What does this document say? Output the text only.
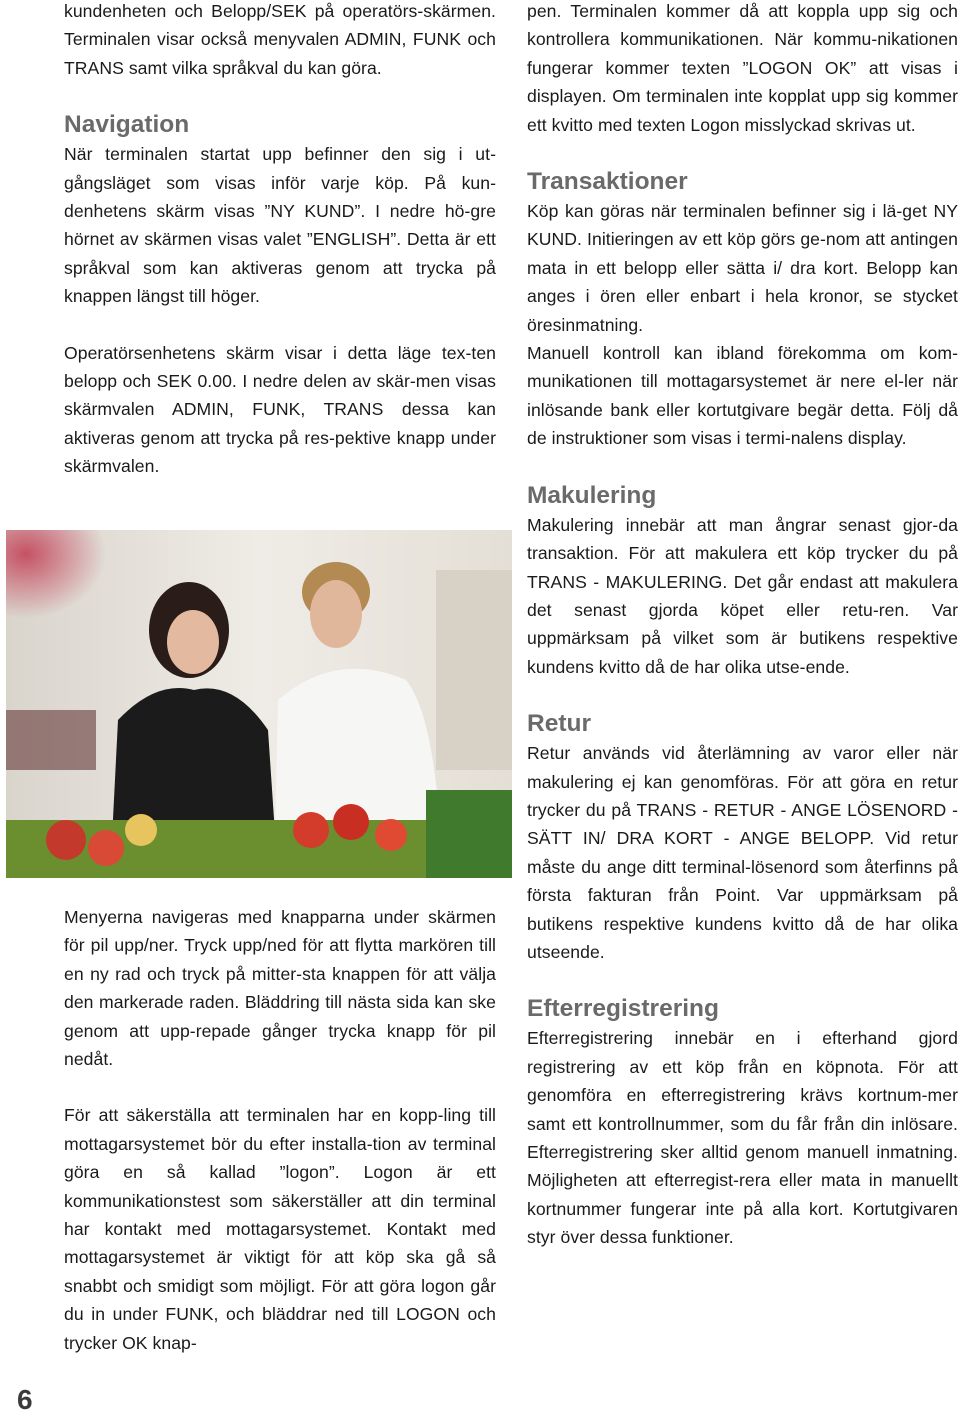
kundenheten och Belopp/SEK på operatörs-skärmen. Terminalen visar också menyvalen ADMIN, FUNK och TRANS samt vilka språkval du kan göra.

Navigation

När terminalen startat upp befinner den sig i ut-gångsläget som visas inför varje köp. På kun-denhetens skärm visas ”NY KUND”. I nedre hö-gre hörnet av skärmen visas valet ”ENGLISH”. Detta är ett språkval som kan aktiveras genom att trycka på knappen längst till höger.

Operatörsenhetens skärm visar i detta läge tex-ten belopp och SEK 0.00. I nedre delen av skär-men visas skärmvalen ADMIN, FUNK, TRANS dessa kan aktiveras genom att trycka på res-pektive knapp under skärmvalen.

Menyerna navigeras med knapparna under skärmen för pil upp/ner. Tryck upp/ned för att flytta markören till en ny rad och tryck på mitter-sta knappen för att välja den markerade raden. Bläddring till nästa sida kan ske genom att upp-repade gånger trycka knapp för pil nedåt.

För att säkerställa att terminalen har en kopp-ling till mottagarsystemet bör du efter installa-tion av terminal göra en så kallad ”logon”. Logon är ett kommunikationstest som säkerställer att din terminal har kontakt med mottagarsystemet. Kontakt med mottagarsystemet är viktigt för att köp ska gå så snabbt och smidigt som möjligt. För att göra logon går du in under FUNK, och bläddrar ned till LOGON och trycker OK knap-

pen. Terminalen kommer då att koppla upp sig och kontrollera kommunikationen. När kommu-nikationen fungerar kommer texten ”LOGON OK” att visas i displayen. Om terminalen inte kopplat upp sig kommer ett kvitto med texten Logon misslyckad skrivas ut.

Transaktioner

Köp kan göras när terminalen befinner sig i lä-get NY KUND. Initieringen av ett köp görs ge-nom att antingen mata in ett belopp eller sätta i/ dra kort. Belopp kan anges i ören eller enbart i hela kronor, se stycket öresinmatning.

Manuell kontroll kan ibland förekomma om kom-munikationen till mottagarsystemet är nere el-ler när inlösande bank eller kortutgivare begär detta. Följ då de instruktioner som visas i termi-nalens display.

Makulering

Makulering innebär att man ångrar senast gjor-da transaktion. För att makulera ett köp trycker du på TRANS - MAKULERING. Det går endast att makulera det senast gjorda köpet eller retu-ren. Var uppmärksam på vilket som är butikens respektive kundens kvitto då de har olika utse-ende.

Retur

Retur används vid återlämning av varor eller när makulering ej kan genomföras. För att göra en retur trycker du på TRANS - RETUR - ANGE LÖSENORD - SÄTT IN/ DRA KORT - ANGE BELOPP. Vid retur måste du ange ditt terminal-lösenord som återfinns på första fakturan från Point. Var uppmärksam på butikens respektive kundens kvitto då de har olika utseende.

Efterregistrering

Efterregistrering innebär en i efterhand gjord registrering av ett köp från en köpnota. För att genomföra en efterregistrering krävs kortnum-mer samt ett kontrollnummer, som du får från din inlösare. Efterregistrering sker alltid genom manuell inmatning. Möjligheten att efterregist-rera eller mata in manuellt kortnummer fungerar inte på alla kort. Kortutgivaren styr över dessa funktioner.

6
